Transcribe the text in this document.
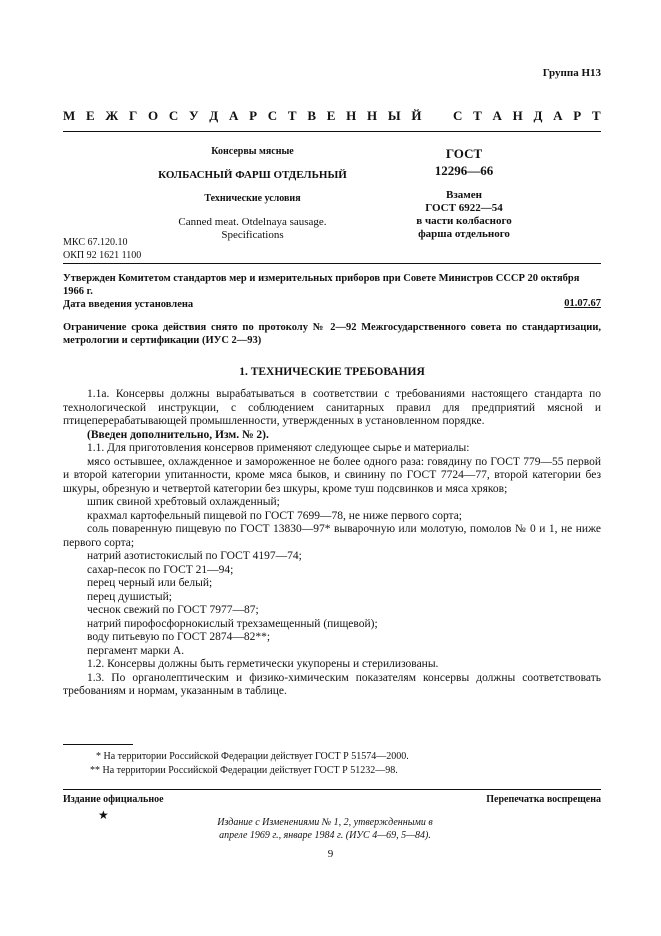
Группа Н13
М Е Ж Г О С У Д А Р С Т В Е Н Н Ы Й С Т А Н Д А Р Т
Консервы мясные
КОЛБАСНЫЙ ФАРШ ОТДЕЛЬНЫЙ
Технические условия
Canned meat. Otdelnaya sausage.
Specifications
МКС 67.120.10
ОКП 92 1621 1100
ГОСТ
12296—66
Взамен
ГОСТ 6922—54
в части колбасного
фарша отдельного
Утвержден Комитетом стандартов мер и измерительных приборов при Совете Министров СССР 20 октября 1966 г.
Дата введения установлена	01.07.67
Ограничение срока действия снято по протоколу № 2—92 Межгосударственного совета по стандартизации, метрологии и сертификации (ИУС 2—93)
1. ТЕХНИЧЕСКИЕ ТРЕБОВАНИЯ

1.1а. Консервы должны вырабатываться в соответствии с требованиями настоящего стандарта по технологической инструкции, с соблюдением санитарных правил для предприятий мясной и птицеперерабатывающей промышленности, утвержденных в установленном порядке.

(Введен дополнительно, Изм. № 2).

1.1. Для приготовления консервов применяют следующее сырье и материалы:

мясо остывшее, охлажденное и замороженное не более одного раза: говядину по ГОСТ 779—55 первой и второй категории упитанности, кроме мяса быков, и свинину по ГОСТ 7724—77, второй категории без шкуры, обрезную и четвертой категории без шкуры, кроме туш подсвинков и мяса хряков;

шпик свиной хребтовый охлажденный;

крахмал картофельный пищевой по ГОСТ 7699—78, не ниже первого сорта;

соль поваренную пищевую по ГОСТ 13830—97* выварочную или молотую, помолов № 0 и 1, не ниже первого сорта;

натрий азотистокислый по ГОСТ 4197—74;

сахар-песок по ГОСТ 21—94;

перец черный или белый;

перец душистый;

чеснок свежий по ГОСТ 7977—87;

натрий пирофосфорнокислый трехзамещенный (пищевой);

воду питьевую по ГОСТ 2874—82**;

пергамент марки А.

1.2. Консервы должны быть герметически укупорены и стерилизованы.

1.3. По органолептическим и физико-химическим показателям консервы должны соответствовать требованиям и нормам, указанным в таблице.

* На территории Российской Федерации действует ГОСТ Р 51574—2000.
** На территории Российской Федерации действует ГОСТ Р 51232—98.
Издание официальное	Перепечатка воспрещена
★
Издание с Изменениями № 1, 2, утвержденными в
апреле 1969 г., январе 1984 г. (ИУС 4—69, 5—84).
9
